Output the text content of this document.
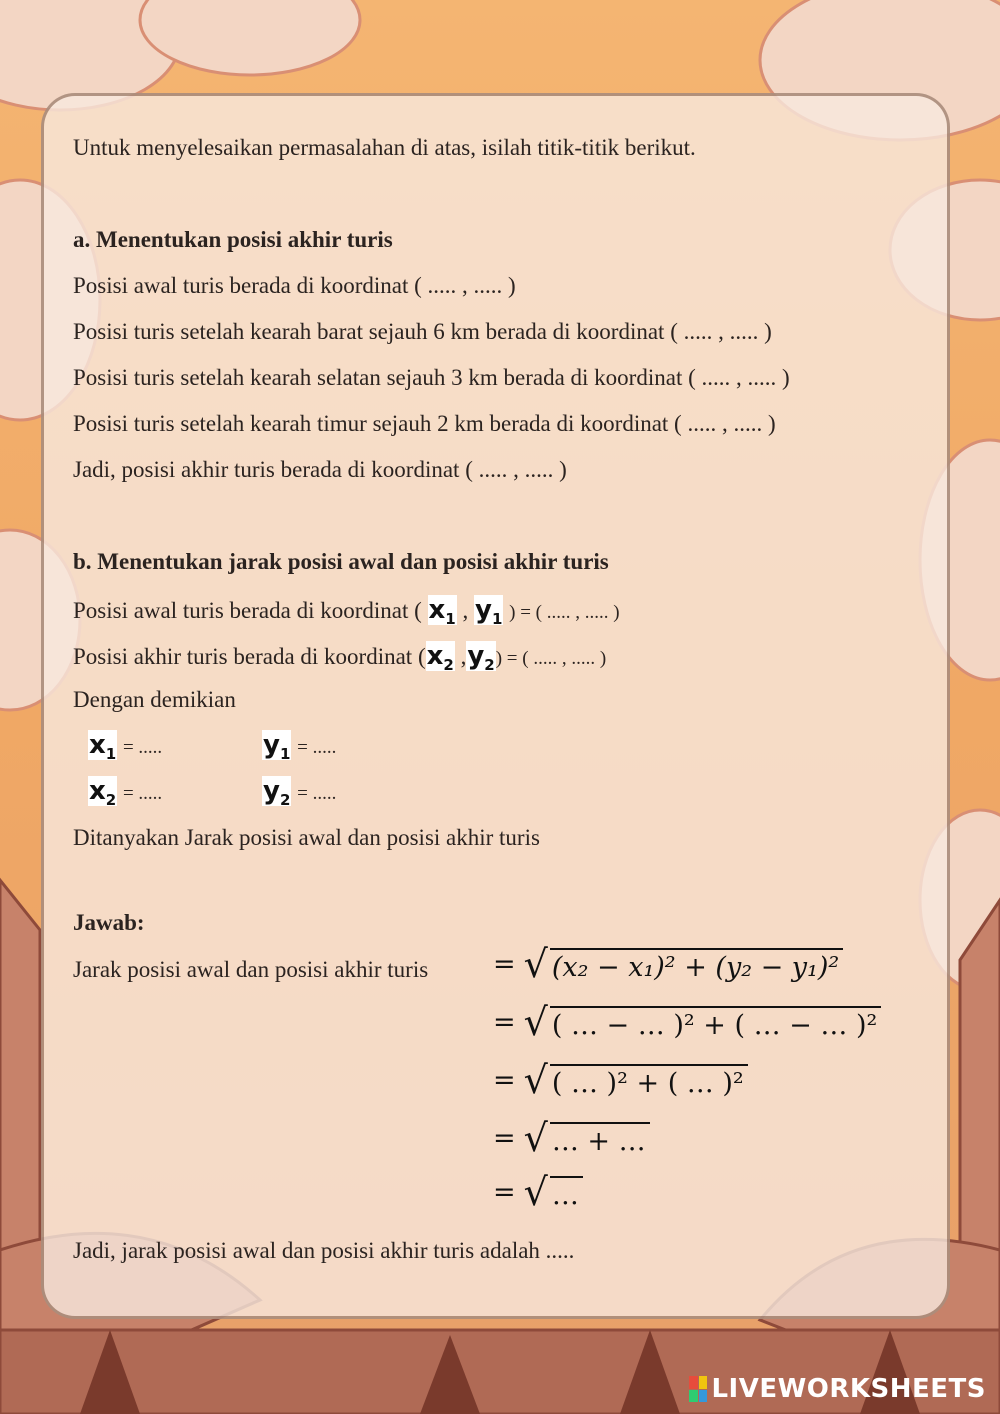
Untuk menyelesaikan permasalahan di atas, isilah titik-titik berikut.
a. Menentukan posisi akhir turis
Posisi awal turis berada di koordinat ( ..... , ..... )
Posisi turis setelah kearah barat sejauh 6 km berada di koordinat ( ..... , ..... )
Posisi turis setelah kearah selatan sejauh 3 km berada di koordinat ( ..... , ..... )
Posisi turis setelah kearah timur sejauh 2 km berada di koordinat ( ..... , ..... )
Jadi, posisi akhir turis berada di koordinat ( ..... , ..... )
b. Menentukan jarak posisi awal dan posisi akhir turis
Posisi awal turis berada di koordinat ( $x_1$ , $y_1$ ) = ( ..... , ..... )
Posisi akhir turis berada di koordinat ($x_2$ $,y_2$) = ( ..... , ..... )
Dengan demikian
$x_1$ = .....	$y_1$ = .....
$x_2$ = .....	$y_2$ = .....
Ditanyakan Jarak posisi awal dan posisi akhir turis
Jawab:
Jarak posisi awal dan posisi akhir turis = √ (x₂ − x₁)² + (y₂ − y₁)²
= √ ( … − … )² + ( … − … )²
= √ ( … )² + ( … )²
= √ … + …
= √ …
Jadi, jarak posisi awal dan posisi akhir turis adalah .....
LIVEWORKSHEETS
